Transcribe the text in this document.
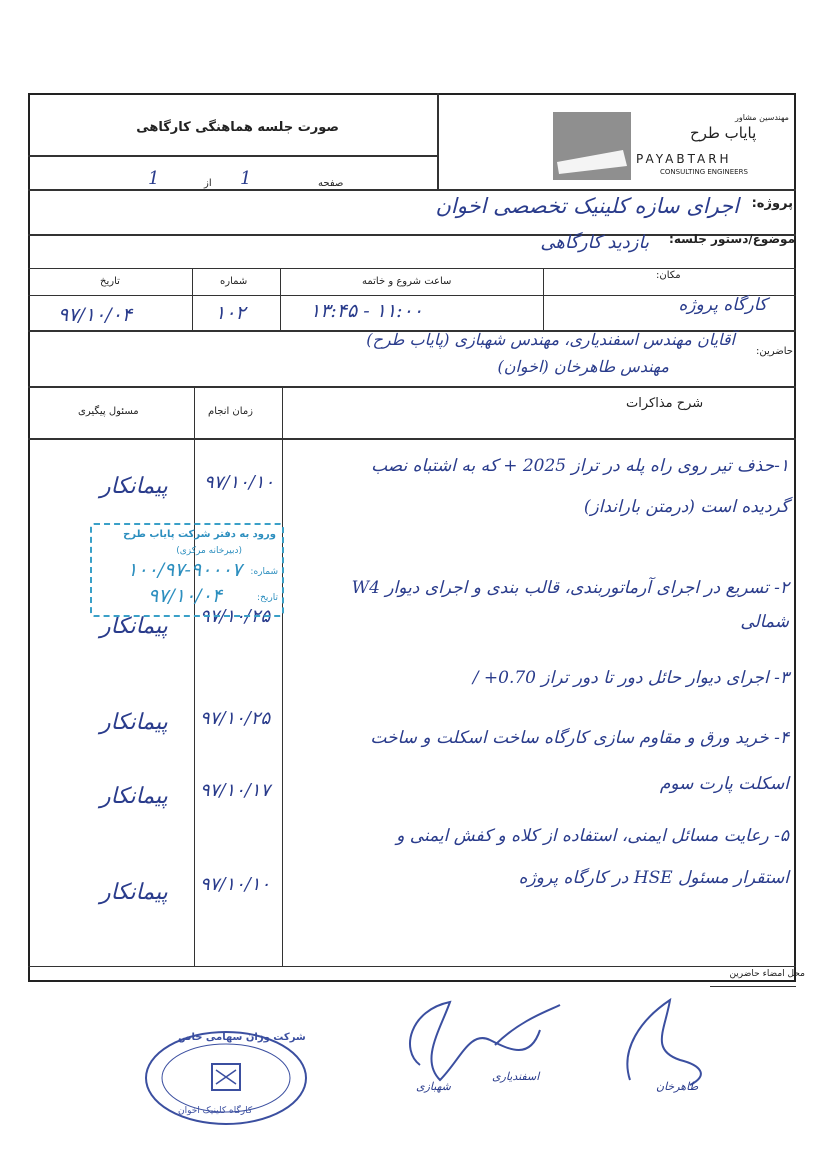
صورت جلسه هماهنگی کارگاهی
صفحه
1
از
1
مهندسین مشاور
پایاب طرح
PAYABTARH
CONSULTING ENGINEERS
پروژه:
اجرای سازه کلینیک تخصصی اخوان
موضوع/دستور جلسه:
بازدید کارگاهی
تاریخ	شماره	ساعت شروع و خاتمه
مکان:
۹۷/۱۰/۰۴	۱۰۲	۱۱:۰۰ - ۱۳:۴۵	کارگاه پروژه
حاضرین:
آقایان مهندس اسفندیاری، مهندس شهبازی (پایاب طرح)
مهندس طاهرخان (اخوان)
شرح مذاکرات
زمان انجام
مسئول پیگیری
۱-حذف تیر روی راه پله در تراز 2025 + که به اشتباه نصب
گردیده است (درمتن بارانداز)
۹۷/۱۰/۱۰
پیمانکار
۲- تسریع در اجرای آرماتوربندی، قالب بندی و اجرای دیوار W4
شمالی
۹۷/۱۰/۲۵
پیمانکار
۳- اجرای دیوار حائل دور تا دور تراز 0.70+ /
۹۷/۱۰/۲۵
پیمانکار
۴- خرید ورق و مقاوم سازی کارگاه ساخت اسکلت و ساخت
اسکلت پارت سوم
۹۷/۱۰/۱۷
پیمانکار
۵- رعایت مسائل ایمنی، استفاده از کلاه و کفش ایمنی و
استقرار مسئول HSE در کارگاه پروژه
۹۷/۱۰/۱۰
پیمانکار
ورود به دفتر شرکت پایاب طرح
(دبیرخانه مرکزی)
شماره:
۱۰۰/۹۷-۹۰۰۰۷
تاریخ:
۹۷/۱۰/۰۴
محل امضاء حاضرین
اسفندیاری
شهبازی	طاهرخان
شرکت وزان سهامی خاص
کارگاه کلینیک اخوان
